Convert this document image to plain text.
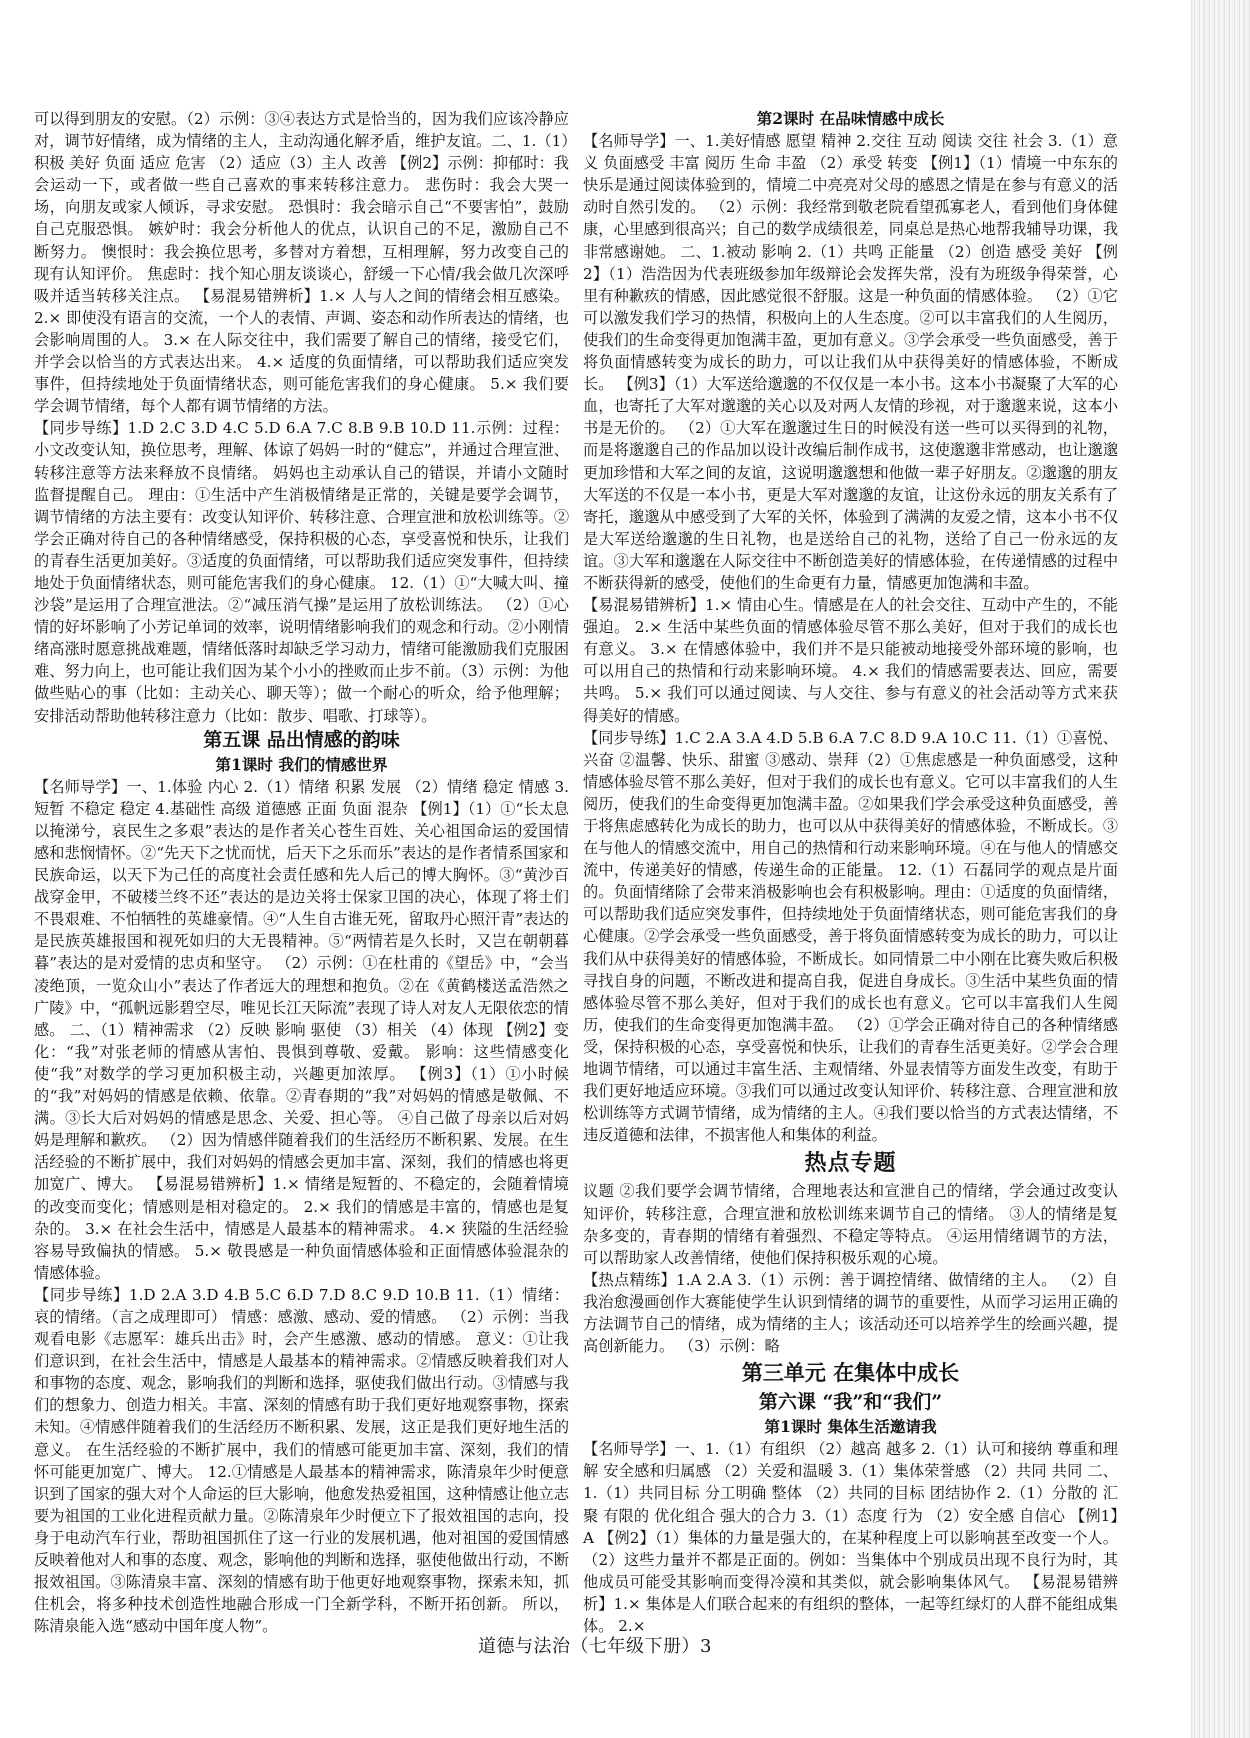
可以得到朋友的安慰。（2）示例：③④表达方式是恰当的，因为我们应该冷静应对，调节好情绪，成为情绪的主人，主动沟通化解矛盾，维护友谊。二、1.（1）积极 美好 负面 适应 危害 （2）适应（3）主人 改善 【例2】示例：抑郁时：我会运动一下，或者做一些自己喜欢的事来转移注意力。 悲伤时：我会大哭一场，向朋友或家人倾诉，寻求安慰。 恐惧时：我会暗示自己“不要害怕”，鼓励自己克服恐惧。 嫉妒时：我会分析他人的优点，认识自己的不足，激励自己不断努力。 懊恨时：我会换位思考，多替对方着想，互相理解，努力改变自己的现有认知评价。 焦虑时：找个知心朋友谈谈心，舒缓一下心情/我会做几次深呼吸并适当转移关注点。 【易混易错辨析】1.× 人与人之间的情绪会相互感染。 2.× 即使没有语言的交流，一个人的表情、声调、姿态和动作所表达的情绪，也会影响周围的人。 3.× 在人际交往中，我们需要了解自己的情绪，接受它们，并学会以恰当的方式表达出来。 4.× 适度的负面情绪，可以帮助我们适应突发事件，但持续地处于负面情绪状态，则可能危害我们的身心健康。 5.× 我们要学会调节情绪，每个人都有调节情绪的方法。

【同步导练】1.D 2.C 3.D 4.C 5.D 6.A 7.C 8.B 9.B 10.D 11.示例：过程：小文改变认知，换位思考，理解、体谅了妈妈一时的“健忘”，并通过合理宣泄、转移注意等方法来释放不良情绪。 妈妈也主动承认自己的错误，并请小文随时监督提醒自己。 理由：①生活中产生消极情绪是正常的，关键是要学会调节，调节情绪的方法主要有：改变认知评价、转移注意、合理宣泄和放松训练等。②学会正确对待自己的各种情绪感受，保持积极的心态，享受喜悦和快乐，让我们的青春生活更加美好。③适度的负面情绪，可以帮助我们适应突发事件，但持续地处于负面情绪状态，则可能危害我们的身心健康。 12.（1）①“大喊大叫、撞沙袋”是运用了合理宣泄法。②“减压消气操”是运用了放松训练法。 （2）①心情的好坏影响了小芳记单词的效率，说明情绪影响我们的观念和行动。②小刚情绪高涨时愿意挑战难题，情绪低落时却缺乏学习动力，情绪可能激励我们克服困难、努力向上，也可能让我们因为某个小小的挫败而止步不前。（3）示例：为他做些贴心的事（比如：主动关心、聊天等）；做一个耐心的听众，给予他理解；安排活动帮助他转移注意力（比如：散步、唱歌、打球等）。

第五课 品出情感的韵味

第1课时 我们的情感世界

【名师导学】一、1.体验 内心 2.（1）情绪 积累 发展 （2）情绪 稳定 情感 3.短暂 不稳定 稳定 4.基础性 高级 道德感 正面 负面 混杂 【例1】（1）①“长太息以掩涕兮，哀民生之多艰”表达的是作者关心苍生百姓、关心祖国命运的爱国情感和悲悯情怀。②“先天下之忧而忧，后天下之乐而乐”表达的是作者情系国家和民族命运，以天下为己任的高度社会责任感和先人后己的博大胸怀。③“黄沙百战穿金甲，不破楼兰终不还”表达的是边关将士保家卫国的决心，体现了将士们不畏艰难、不怕牺牲的英雄豪情。④“人生自古谁无死，留取丹心照汗青”表达的是民族英雄报国和视死如归的大无畏精神。⑤“两情若是久长时，又岂在朝朝暮暮”表达的是对爱情的忠贞和坚守。 （2）示例：①在杜甫的《望岳》中，“会当凌绝顶，一览众山小”表达了作者远大的理想和抱负。②在《黄鹤楼送孟浩然之广陵》中，“孤帆远影碧空尽，唯见长江天际流”表现了诗人对友人无限依恋的情感。 二、（1）精神需求 （2）反映 影响 驱使 （3）相关 （4）体现 【例2】变化：“我”对张老师的情感从害怕、畏惧到尊敬、爱戴。 影响：这些情感变化使“我”对数学的学习更加积极主动，兴趣更加浓厚。 【例3】（1）①小时候的“我”对妈妈的情感是依赖、依靠。②青春期的“我”对妈妈的情感是敬佩、不满。③长大后对妈妈的情感是思念、关爱、担心等。 ④自己做了母亲以后对妈妈是理解和歉疚。 （2）因为情感伴随着我们的生活经历不断积累、发展。在生活经验的不断扩展中，我们对妈妈的情感会更加丰富、深刻，我们的情感也将更加宽广、博大。 【易混易错辨析】1.× 情绪是短暂的、不稳定的，会随着情境的改变而变化；情感则是相对稳定的。 2.× 我们的情感是丰富的，情感也是复杂的。 3.× 在社会生活中，情感是人最基本的精神需求。 4.× 狭隘的生活经验容易导致偏执的情感。 5.× 敬畏感是一种负面情感体验和正面情感体验混杂的情感体验。

【同步导练】1.D 2.A 3.D 4.B 5.C 6.D 7.D 8.C 9.D 10.B 11.（1）情绪：哀的情绪。（言之成理即可） 情感：感激、感动、爱的情感。 （2）示例：当我观看电影《志愿军：雄兵出击》时，会产生感激、感动的情感。 意义：①让我们意识到，在社会生活中，情感是人最基本的精神需求。②情感反映着我们对人和事物的态度、观念，影响我们的判断和选择，驱使我们做出行动。③情感与我们的想象力、创造力相关。丰富、深刻的情感有助于我们更好地观察事物，探索未知。④情感伴随着我们的生活经历不断积累、发展，这正是我们更好地生活的意义。 在生活经验的不断扩展中，我们的情感可能更加丰富、深刻，我们的情怀可能更加宽广、博大。 12.①情感是人最基本的精神需求，陈清泉年少时便意识到了国家的强大对个人命运的巨大影响，他愈发热爱祖国，这种情感让他立志要为祖国的工业化进程贡献力量。②陈清泉年少时便立下了报效祖国的志向，投身于电动汽车行业，帮助祖国抓住了这一行业的发展机遇，他对祖国的爱国情感反映着他对人和事的态度、观念，影响他的判断和选择，驱使他做出行动，不断报效祖国。③陈清泉丰富、深刻的情感有助于他更好地观察事物，探索未知，抓住机会，将多种技术创造性地融合形成一门全新学科，不断开拓创新。 所以，陈清泉能入选“感动中国年度人物”。

第2课时 在品味情感中成长

【名师导学】一、1.美好情感 愿望 精神 2.交往 互动 阅读 交往 社会 3.（1）意义 负面感受 丰富 阅历 生命 丰盈 （2）承受 转变 【例1】（1）情境一中东东的快乐是通过阅读体验到的，情境二中亮亮对父母的感恩之情是在参与有意义的活动时自然引发的。 （2）示例：我经常到敬老院看望孤寡老人，看到他们身体健康，心里感到很高兴；自己的数学成绩很差，同桌总是热心地帮我辅导功课，我非常感谢她。 二、1.被动 影响 2.（1）共鸣 正能量 （2）创造 感受 美好 【例2】（1）浩浩因为代表班级参加年级辩论会发挥失常，没有为班级争得荣誉，心里有种歉疚的情感，因此感觉很不舒服。这是一种负面的情感体验。 （2）①它可以激发我们学习的热情，积极向上的人生态度。②可以丰富我们的人生阅历，使我们的生命变得更加饱满丰盈，更加有意义。③学会承受一些负面感受，善于将负面情感转变为成长的助力，可以让我们从中获得美好的情感体验，不断成长。 【例3】（1）大军送给邈邈的不仅仅是一本小书。这本小书凝聚了大军的心血，也寄托了大军对邈邈的关心以及对两人友情的珍视，对于邈邈来说，这本小书是无价的。 （2）①大军在邈邈过生日的时候没有送一些可以买得到的礼物，而是将邈邈自己的作品加以设计改编后制作成书，这使邈邈非常感动，也让邈邈更加珍惜和大军之间的友谊，这说明邈邈想和他做一辈子好朋友。②邈邈的朋友大军送的不仅是一本小书，更是大军对邈邈的友谊，让这份永远的朋友关系有了寄托，邈邈从中感受到了大军的关怀，体验到了满满的友爱之情，这本小书不仅是大军送给邈邈的生日礼物，也是送给自己的礼物，送给了自己一份永远的友谊。③大军和邈邈在人际交往中不断创造美好的情感体验，在传递情感的过程中不断获得新的感受，使他们的生命更有力量，情感更加饱满和丰盈。

【易混易错辨析】1.× 情由心生。情感是在人的社会交往、互动中产生的，不能强迫。 2.× 生活中某些负面的情感体验尽管不那么美好，但对于我们的成长也有意义。 3.× 在情感体验中，我们并不是只能被动地接受外部环境的影响，也可以用自己的热情和行动来影响环境。 4.× 我们的情感需要表达、回应，需要共鸣。 5.× 我们可以通过阅读、与人交往、参与有意义的社会活动等方式来获得美好的情感。

【同步导练】1.C 2.A 3.A 4.D 5.B 6.A 7.C 8.D 9.A 10.C 11.（1）①喜悦、兴奋 ②温馨、快乐、甜蜜 ③感动、崇拜（2）①焦虑感是一种负面感受，这种情感体验尽管不那么美好，但对于我们的成长也有意义。它可以丰富我们的人生阅历，使我们的生命变得更加饱满丰盈。②如果我们学会承受这种负面感受，善于将焦虑感转化为成长的助力，也可以从中获得美好的情感体验，不断成长。③在与他人的情感交流中，用自己的热情和行动来影响环境。④在与他人的情感交流中，传递美好的情感，传递生命的正能量。 12.（1）石磊同学的观点是片面的。负面情绪除了会带来消极影响也会有积极影响。理由：①适度的负面情绪，可以帮助我们适应突发事件，但持续地处于负面情绪状态，则可能危害我们的身心健康。②学会承受一些负面感受，善于将负面情感转变为成长的助力，可以让我们从中获得美好的情感体验，不断成长。如同情景二中小刚在比赛失败后积极寻找自身的问题，不断改进和提高自我，促进自身成长。③生活中某些负面的情感体验尽管不那么美好，但对于我们的成长也有意义。它可以丰富我们人生阅历，使我们的生命变得更加饱满丰盈。 （2）①学会正确对待自己的各种情绪感受，保持积极的心态，享受喜悦和快乐，让我们的青春生活更美好。②学会合理地调节情绪，可以通过丰富生活、主观情绪、外显表情等方面发生改变，有助于我们更好地适应环境。③我们可以通过改变认知评价、转移注意、合理宣泄和放松训练等方式调节情绪，成为情绪的主人。④我们要以恰当的方式表达情绪，不违反道德和法律，不损害他人和集体的利益。

热点专题

议题 ②我们要学会调节情绪，合理地表达和宣泄自己的情绪，学会通过改变认知评价，转移注意，合理宣泄和放松训练来调节自己的情绪。 ③人的情绪是复杂多变的，青春期的情绪有着强烈、不稳定等特点。 ④运用情绪调节的方法，可以帮助家人改善情绪，使他们保持积极乐观的心境。

【热点精练】1.A 2.A 3.（1）示例：善于调控情绪、做情绪的主人。 （2）自我治愈漫画创作大赛能使学生认识到情绪的调节的重要性，从而学习运用正确的方法调节自己的情绪，成为情绪的主人；该活动还可以培养学生的绘画兴趣，提高创新能力。 （3）示例：略

第三单元 在集体中成长

第六课 “我”和“我们”

第1课时 集体生活邀请我

【名师导学】一、1.（1）有组织 （2）越高 越多 2.（1）认可和接纳 尊重和理解 安全感和归属感 （2）关爱和温暖 3.（1）集体荣誉感 （2）共同 共同 二、1.（1）共同目标 分工明确 整体 （2）共同的目标 团结协作 2.（1）分散的 汇聚 有限的 优化组合 强大的合力 3.（1）态度 行为 （2）安全感 自信心 【例1】A 【例2】（1）集体的力量是强大的，在某种程度上可以影响甚至改变一个人。 （2）这些力量并不都是正面的。例如：当集体中个别成员出现不良行为时，其他成员可能受其影响而变得冷漠和其类似，就会影响集体风气。 【易混易错辨析】1.× 集体是人们联合起来的有组织的整体，一起等红绿灯的人群不能组成集体。 2.×

道德与法治（七年级下册）3
